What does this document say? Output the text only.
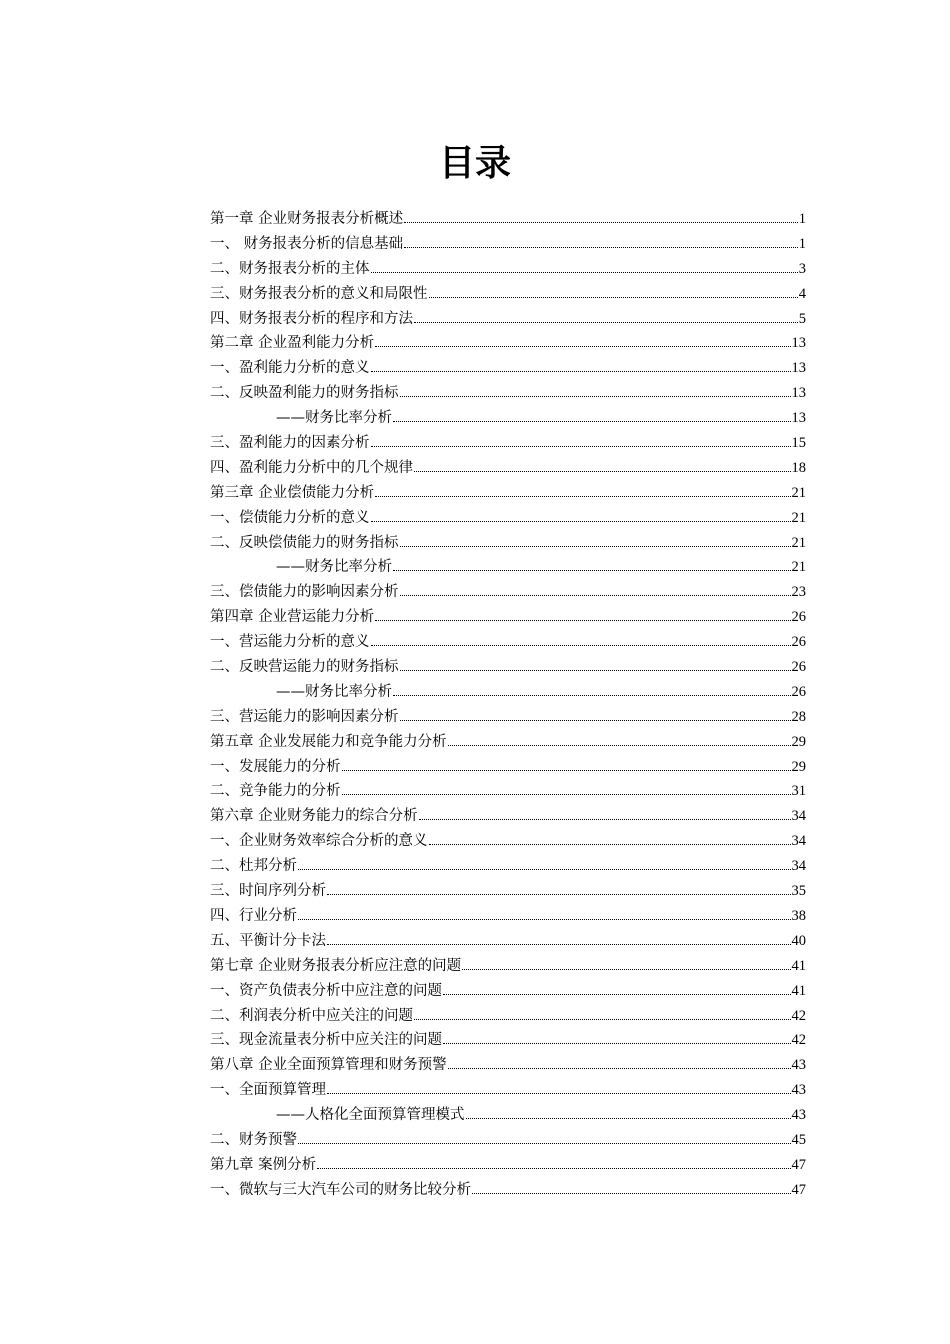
目录
第一章 企业财务报表分析概述	1
一、 财务报表分析的信息基础	1
二、财务报表分析的主体	3
三、财务报表分析的意义和局限性	4
四、财务报表分析的程序和方法	5
第二章 企业盈利能力分析	13
一、盈利能力分析的意义	13
二、反映盈利能力的财务指标	13
——财务比率分析	13
三、盈利能力的因素分析	15
四、盈利能力分析中的几个规律	18
第三章 企业偿债能力分析	21
一、偿债能力分析的意义	21
二、反映偿债能力的财务指标	21
——财务比率分析	21
三、偿债能力的影响因素分析	23
第四章 企业营运能力分析	26
一、营运能力分析的意义	26
二、反映营运能力的财务指标	26
——财务比率分析	26
三、营运能力的影响因素分析	28
第五章 企业发展能力和竞争能力分析	29
一、发展能力的分析	29
二、竞争能力的分析	31
第六章 企业财务能力的综合分析	34
一、企业财务效率综合分析的意义	34
二、杜邦分析	34
三、时间序列分析	35
四、行业分析	38
五、平衡计分卡法	40
第七章 企业财务报表分析应注意的问题	41
一、资产负债表分析中应注意的问题	41
二、利润表分析中应关注的问题	42
三、现金流量表分析中应关注的问题	42
第八章 企业全面预算管理和财务预警	43
一、全面预算管理	43
——人格化全面预算管理模式	43
二、财务预警	45
第九章 案例分析	47
一、微软与三大汽车公司的财务比较分析	47
